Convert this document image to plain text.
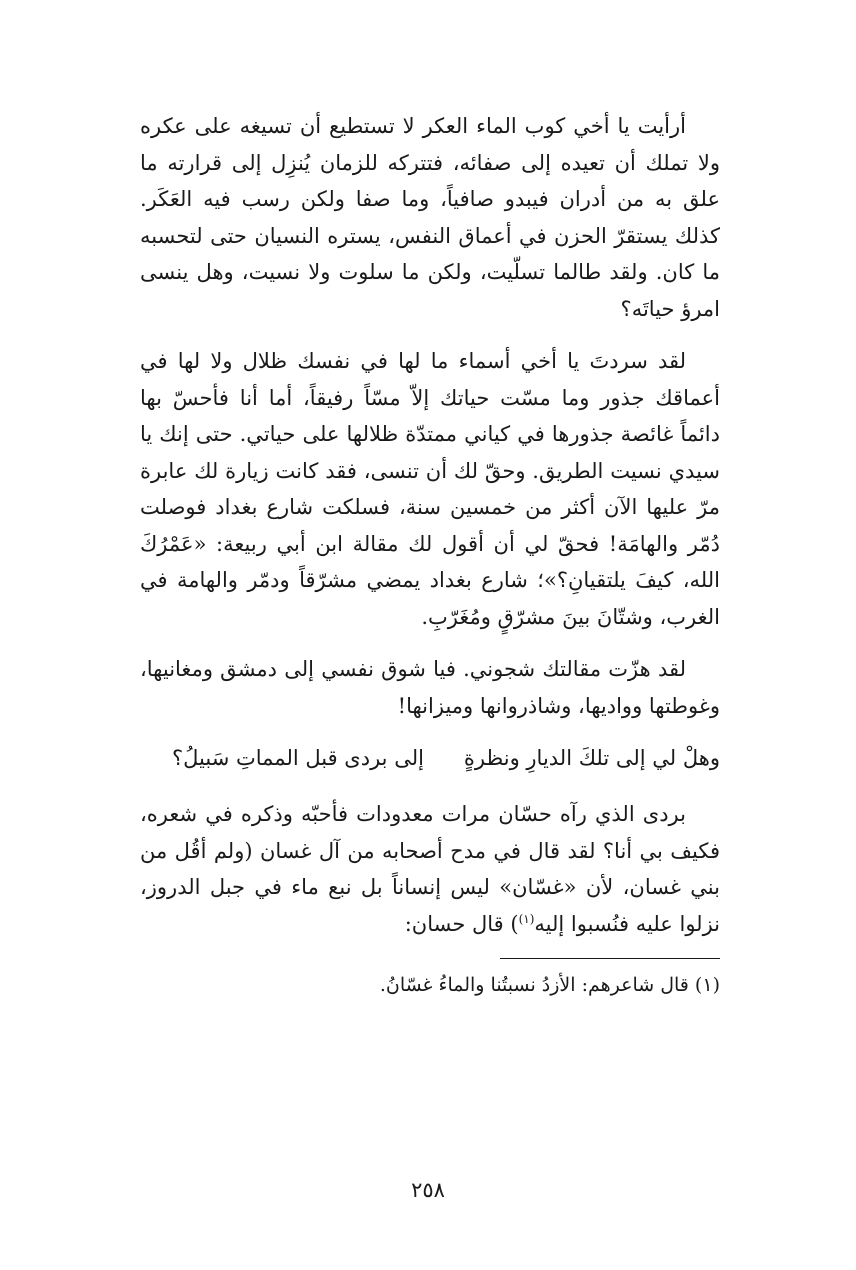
أرأيت يا أخي كوب الماء العكر لا تستطيع أن تسيغه على عكره ولا تملك أن تعيده إلى صفائه، فتتركه للزمان يُنزِل إلى قرارته ما علق به من أدران فيبدو صافياً، وما صفا ولكن رسب فيه العَكَر. كذلك يستقرّ الحزن في أعماق النفس، يستره النسيان حتى لتحسبه ما كان. ولقد طالما تسلّيت، ولكن ما سلوت ولا نسيت، وهل ينسى امرؤ حياتَه؟

لقد سردتَ يا أخي أسماء ما لها في نفسك ظلال ولا لها في أعماقك جذور وما مسّت حياتك إلاّ مسّاً رفيقاً، أما أنا فأحسّ بها دائماً غائصة جذورها في كياني ممتدّة ظلالها على حياتي. حتى إنك يا سيدي نسيت الطريق. وحقّ لك أن تنسى، فقد كانت زيارة لك عابرة مرّ عليها الآن أكثر من خمسين سنة، فسلكت شارع بغداد فوصلت دُمّر والهامَة! فحقّ لي أن أقول لك مقالة ابن أبي ربيعة: «عَمْرُكَ الله، كيفَ يلتقيانِ؟»؛ شارع بغداد يمضي مشرّقاً ودمّر والهامة في الغرب، وشتّانَ بينَ مشرّقٍ ومُغَرّبِ.

لقد هزّت مقالتك شجوني. فيا شوق نفسي إلى دمشق ومغانيها، وغوطتها وواديها، وشاذروانها وميزانها!

وهلْ لي إلى تلكَ الديارِ ونظرةٍ
إلى بردى قبل المماتِ سَبيلُ؟

بردى الذي رآه حسّان مرات معدودات فأحبّه وذكره في شعره، فكيف بي أنا؟ لقد قال في مدح أصحابه من آل غسان (ولم أقُل من بني غسان، لأن «غسّان» ليس إنساناً بل نبع ماء في جبل الدروز، نزلوا عليه فنُسبوا إليه$^{(١)}$) قال حسان:

(١) قال شاعرهم: الأزدُ نسبتُنا والماءُ غسّانُ.

٢٥٨
